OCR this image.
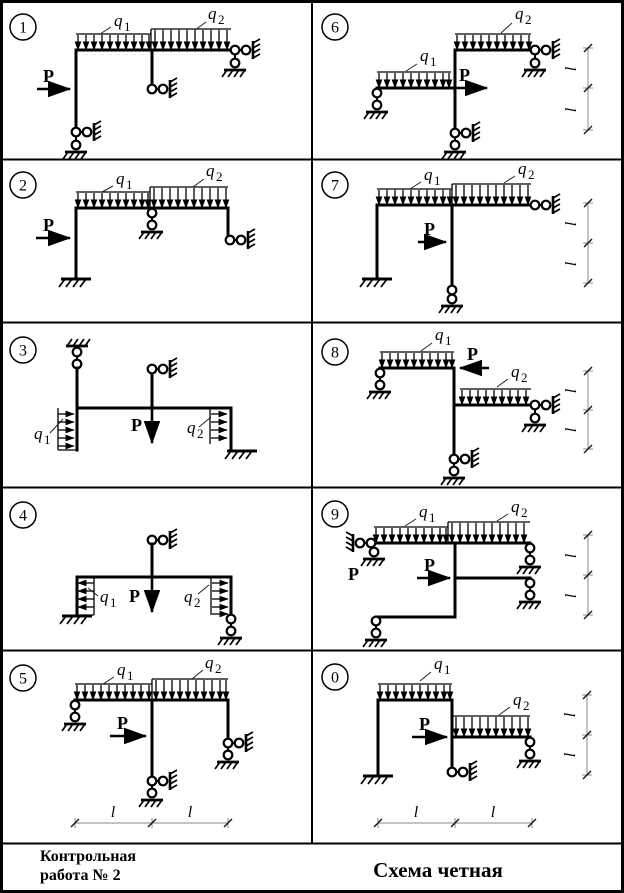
1	q 1
q 2
P
2	q 1
q 2
P
3
q 1
P	q 2
4
P
q 1	q 2
5	q 1
q 2
P
l	l
6
q 2
q 1
P	l
l
7
q 1
q 2
P	l
l
8
q 1
P
q 2
l
l
9	q 1
q 2
P	P	l
l
0
q 1
q 2
P
l	l
l
l
Контрольная
работа № 2	Схема четная
